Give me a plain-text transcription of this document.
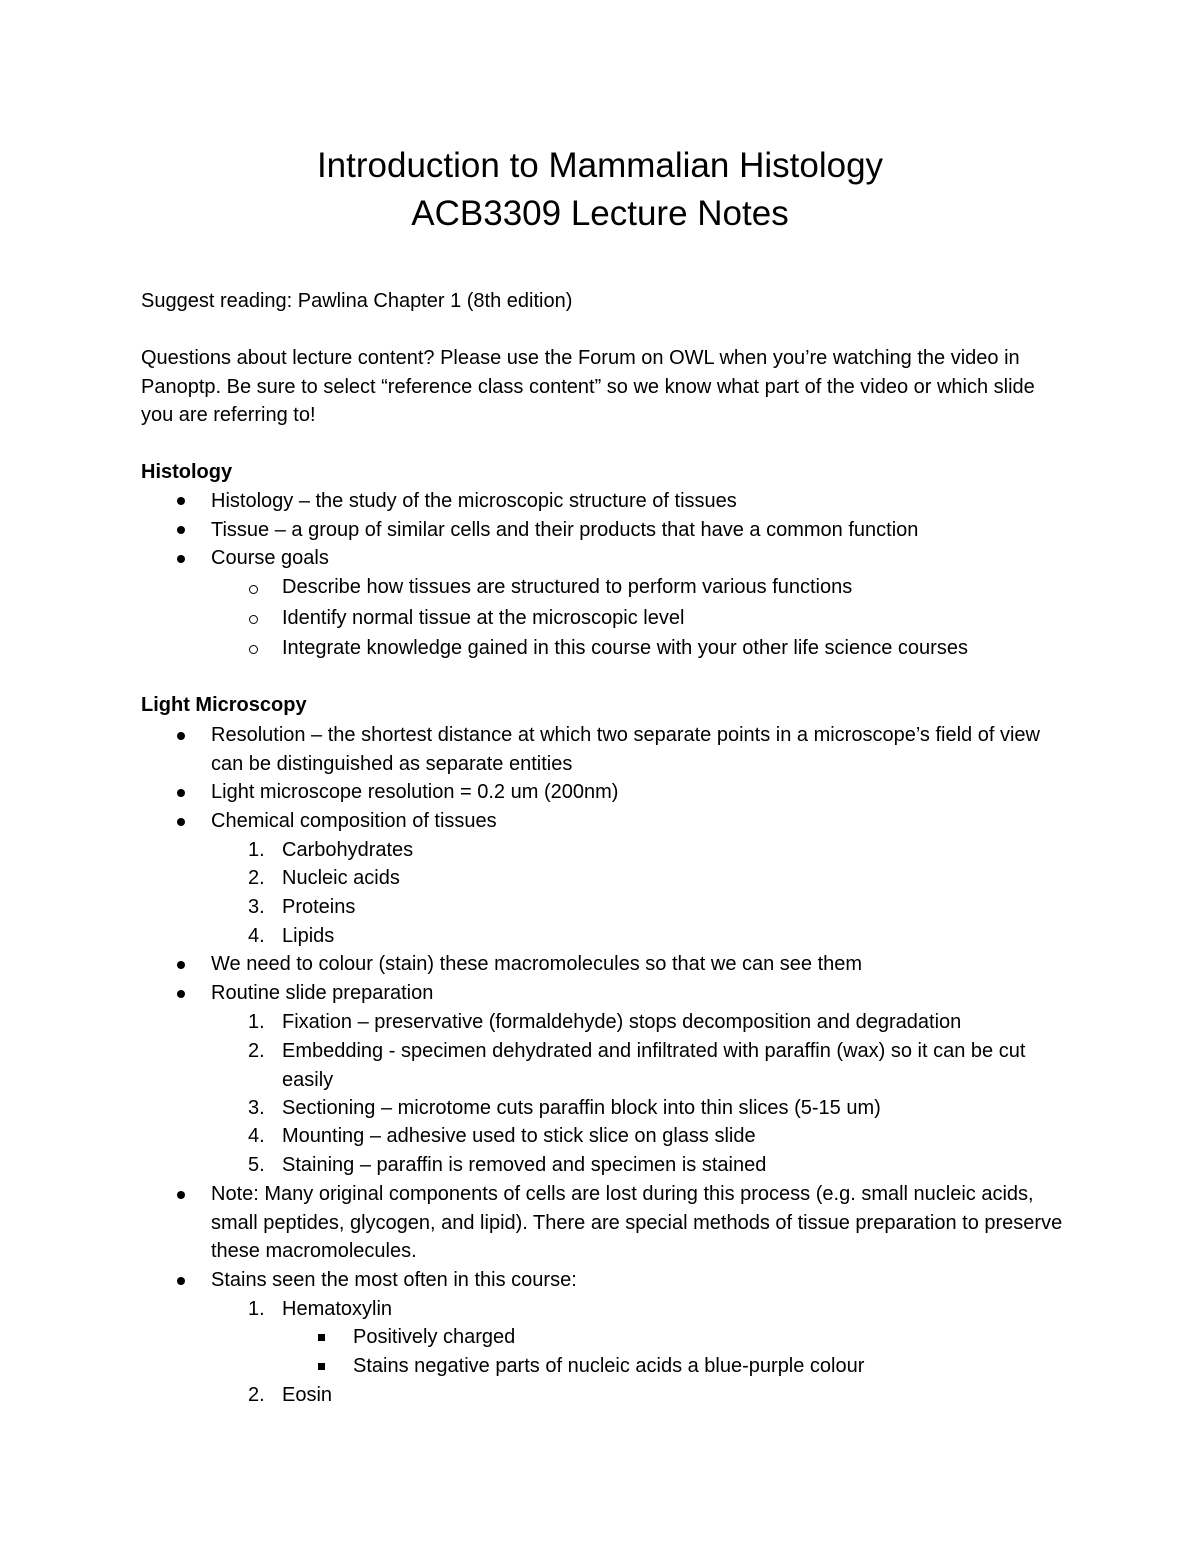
Introduction to Mammalian Histology
ACB3309 Lecture Notes
Suggest reading: Pawlina Chapter 1 (8th edition)
Questions about lecture content? Please use the Forum on OWL when you’re watching the video in Panoptp. Be sure to select “reference class content” so we know what part of the video or which slide you are referring to!
Histology
Histology – the study of the microscopic structure of tissues
Tissue – a group of similar cells and their products that have a common function
Course goals
Describe how tissues are structured to perform various functions
Identify normal tissue at the microscopic level
Integrate knowledge gained in this course with your other life science courses
Light Microscopy
Resolution – the shortest distance at which two separate points in a microscope’s field of view can be distinguished as separate entities
Light microscope resolution = 0.2 um (200nm)
Chemical composition of tissues
1. Carbohydrates
2. Nucleic acids
3. Proteins
4. Lipids
We need to colour (stain) these macromolecules so that we can see them
Routine slide preparation
1. Fixation – preservative (formaldehyde) stops decomposition and degradation
2. Embedding - specimen dehydrated and infiltrated with paraffin (wax) so it can be cut easily
3. Sectioning – microtome cuts paraffin block into thin slices (5-15 um)
4. Mounting – adhesive used to stick slice on glass slide
5. Staining – paraffin is removed and specimen is stained
Note: Many original components of cells are lost during this process (e.g. small nucleic acids, small peptides, glycogen, and lipid). There are special methods of tissue preparation to preserve these macromolecules.
Stains seen the most often in this course:
1. Hematoxylin
Positively charged
Stains negative parts of nucleic acids a blue-purple colour
2. Eosin
